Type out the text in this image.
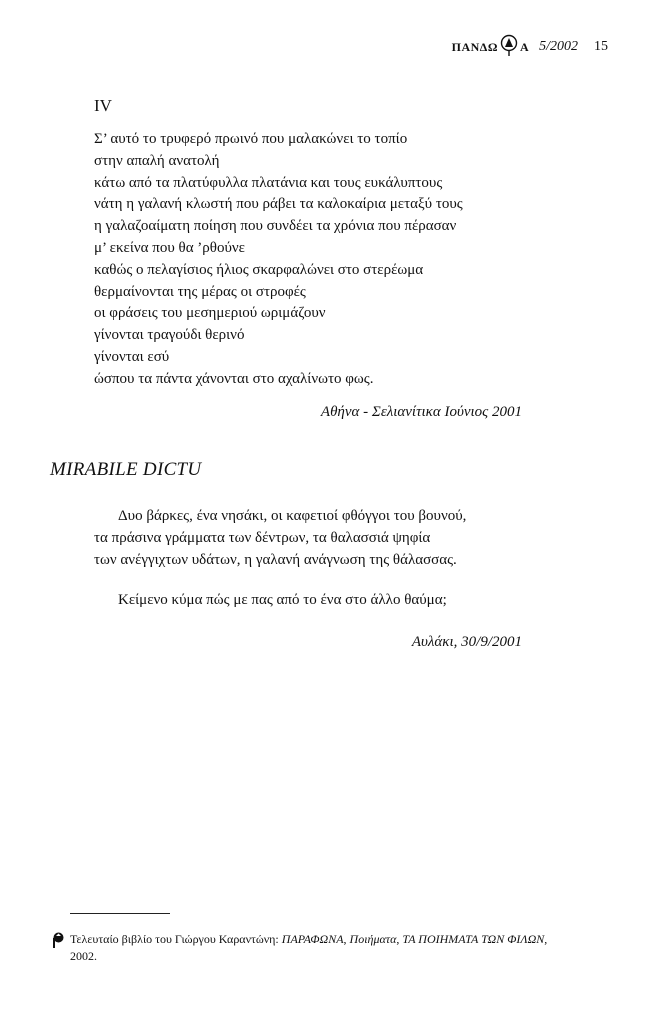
ΠΑΝΔΩ Α 5/2002 15
IV
Σ’ αυτό το τρυφερό πρωινό που μαλακώνει το τοπίο
στην απαλή ανατολή
κάτω από τα πλατύφυλλα πλατάνια και τους ευκάλυπτους
νάτη η γαλανή κλωστή που ράβει τα καλοκαίρια μεταξύ τους
η γαλαζοαίματη ποίηση που συνδέει τα χρόνια που πέρασαν
μ’ εκείνα που θα ’ρθούνε
καθώς ο πελαγίσιος ήλιος σκαρφαλώνει στο στερέωμα
θερμαίνονται της μέρας οι στροφές
οι φράσεις του μεσημεριού ωριμάζουν
γίνονται τραγούδι θερινό
γίνονται εσύ
ώσπου τα πάντα χάνονται στο αχαλίνωτο φως.
Αθήνα - Σελιανίτικα Ιούνιος 2001
MIRABILE DICTU
Δυο βάρκες, ένα νησάκι, οι καφετιοί φθόγγοι του βουνού,
τα πράσινα γράμματα των δέντρων, τα θαλασσιά ψηφία
των ανέγγιχτων υδάτων, η γαλανή ανάγνωση της θάλασσας.
Κείμενο κύμα πώς με πας από το ένα στο άλλο θαύμα;
Αυλάκι, 30/9/2001
Τελευταίο βιβλίο του Γιώργου Καραντώνη: ΠΑΡΑΦΩΝΑ, Ποιήματα, ΤΑ ΠΟΙΗΜΑΤΑ ΤΩΝ ΦΙΛΩΝ,
2002.
